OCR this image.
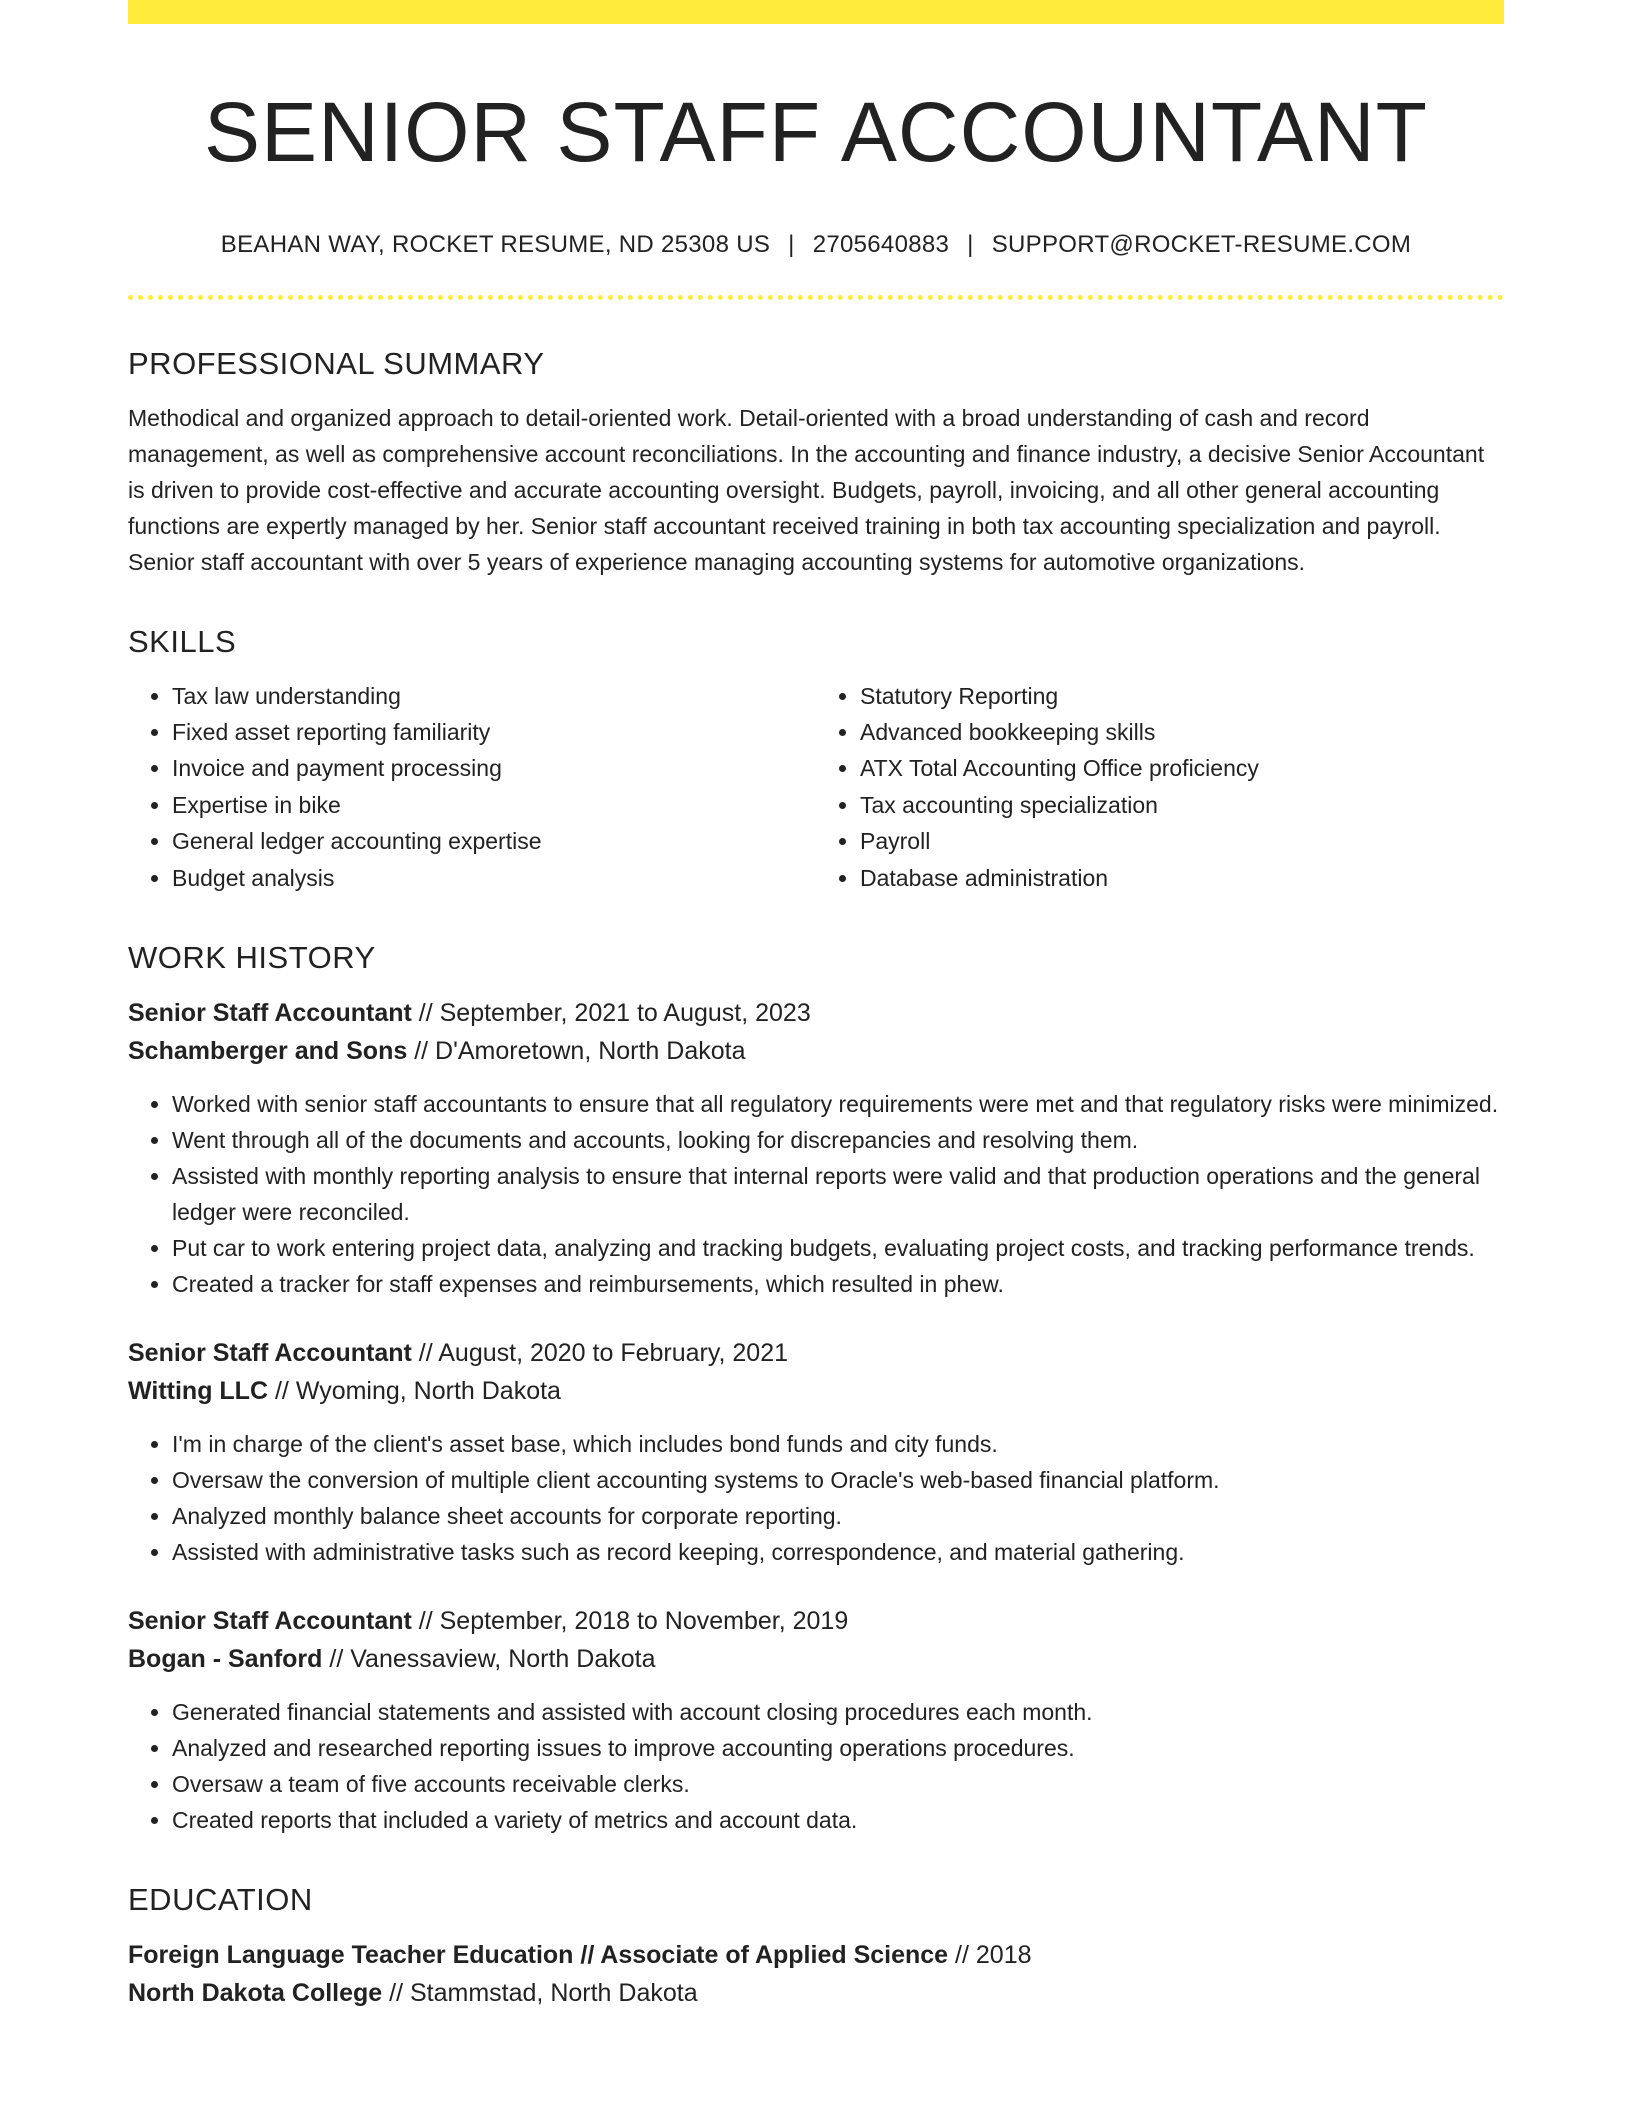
SENIOR STAFF ACCOUNTANT
BEAHAN WAY, ROCKET RESUME, ND 25308 US | 2705640883 | SUPPORT@ROCKET-RESUME.COM
PROFESSIONAL SUMMARY

Methodical and organized approach to detail-oriented work. Detail-oriented with a broad understanding of cash and record management, as well as comprehensive account reconciliations. In the accounting and finance industry, a decisive Senior Accountant is driven to provide cost-effective and accurate accounting oversight. Budgets, payroll, invoicing, and all other general accounting functions are expertly managed by her. Senior staff accountant received training in both tax accounting specialization and payroll. Senior staff accountant with over 5 years of experience managing accounting systems for automotive organizations.

SKILLS
• Tax law understanding
• Fixed asset reporting familiarity
• Invoice and payment processing
• Expertise in bike
• General ledger accounting expertise
• Budget analysis
• Statutory Reporting
• Advanced bookkeeping skills
• ATX Total Accounting Office proficiency
• Tax accounting specialization
• Payroll
• Database administration
WORK HISTORY

Senior Staff Accountant // September, 2021 to August, 2023

Schamberger and Sons // D'Amoretown, North Dakota

• Worked with senior staff accountants to ensure that all regulatory requirements were met and that regulatory risks were minimized.
• Went through all of the documents and accounts, looking for discrepancies and resolving them.
• Assisted with monthly reporting analysis to ensure that internal reports were valid and that production operations and the general ledger were reconciled.
• Put car to work entering project data, analyzing and tracking budgets, evaluating project costs, and tracking performance trends.
• Created a tracker for staff expenses and reimbursements, which resulted in phew.

Senior Staff Accountant // August, 2020 to February, 2021

Witting LLC // Wyoming, North Dakota

• I'm in charge of the client's asset base, which includes bond funds and city funds.
• Oversaw the conversion of multiple client accounting systems to Oracle's web-based financial platform.
• Analyzed monthly balance sheet accounts for corporate reporting.
• Assisted with administrative tasks such as record keeping, correspondence, and material gathering.

Senior Staff Accountant // September, 2018 to November, 2019

Bogan - Sanford // Vanessaview, North Dakota

• Generated financial statements and assisted with account closing procedures each month.
• Analyzed and researched reporting issues to improve accounting operations procedures.
• Oversaw a team of five accounts receivable clerks.
• Created reports that included a variety of metrics and account data.
EDUCATION

Foreign Language Teacher Education // Associate of Applied Science // 2018

North Dakota College // Stammstad, North Dakota
